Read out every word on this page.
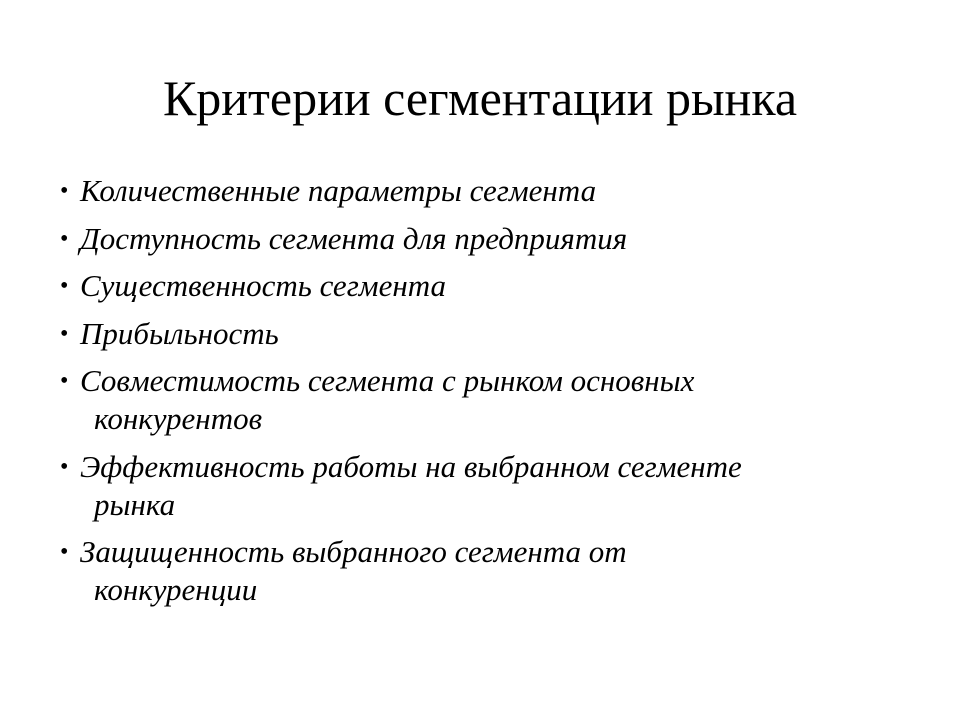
Критерии сегментации рынка
• Количественные параметры сегмента
• Доступность сегмента для предприятия
• Существенность сегмента
• Прибыльность
• Совместимость сегмента с рынком основных
конкурентов
• Эффективность работы на выбранном сегменте
рынка
• Защищенность выбранного сегмента от
конкуренции
